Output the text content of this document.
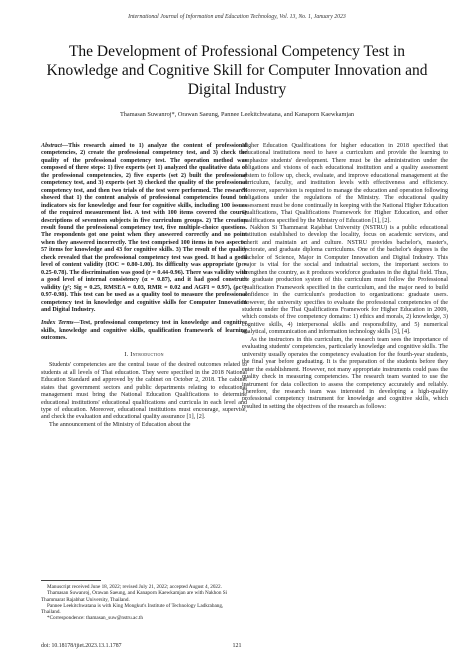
International Journal of Information and Education Technology, Vol. 13, No. 1, January 2023
The Development of Professional Competency Test in Knowledge and Cognitive Skill for Computer Innovation and Digital Industry
Thamasan Suwanroj*, Orawan Saeung, Pannee Leekitchwatana, and Kanaporn Kaewkamjan

Abstract—This research aimed to 1) analyze the content of professional competencies, 2) create the professional competency test, and 3) check the quality of the professional competency test. The operation method was composed of three steps: 1) five experts (set 1) analyzed the qualitative data of the professional competencies, 2) five experts (set 2) built the professional competency test, and 3) experts (set 3) checked the quality of the professional competency test, and then two trials of the test were performed. The research showed that 1) the content analysis of professional competencies found ten indicators six for knowledge and four for cognitive skills, including 100 issues of the required measurement list. A test with 100 items covered the course descriptions of seventeen subjects in five curriculum groups. 2) The creation result found the professional competency test, five multiple-choice questions. The respondents got one point when they answered correctly and no point when they answered incorrectly. The test comprised 100 items in two aspects: 57 items for knowledge and 43 for cognitive skills. 3) The result of the quality check revealed that the professional competency test was good. It had a good level of content validity (IOC = 0.80-1.00). Its difficulty was appropriate (p = 0.25-0.78). The discrimination was good (r = 0.44-0.96). There was validity with a good level of internal consistency (α = 0.87), and it had good construct validity (χ²; Sig = 0.25, RMSEA = 0.03, RMR = 0.02 and AGFI = 0.97), (ρc = 0.97-0.98). This test can be used as a quality tool to measure the professional competency test in knowledge and cognitive skills for Computer Innovation and Digital Industry.

Index Terms—Test, professional competency test in knowledge and cognitive skills, knowledge and cognitive skills, qualification framework of learning outcomes.

I. Introduction

Students' competencies are the central issue of the desired outcomes related to students at all levels of Thai education. They were specified in the 2018 National Education Standard and approved by the cabinet on October 2, 2018. The cabinet states that government sectors and public departments relating to educational management must bring the National Education Qualifications to determine educational institutions' educational qualifications and curricula in each level and type of education. Moreover, educational institutions must encourage, supervise, and check the evaluation and educational quality assurance [1], [2].

The announcement of the Ministry of Education about the

Higher Education Qualifications for higher education in 2018 specified that educational institutions need to have a curriculum and provide the learning to emphasize students' development. There must be the administration under the obligations and visions of each educational institution and a quality assessment system to follow up, check, evaluate, and improve educational management at the curriculum, faculty, and institution levels with effectiveness and efficiency. Moreover, supervision is required to manage the education and operation following obligations under the regulations of the Ministry. The educational quality assessment must be done continually in keeping with the National Higher Education Qualifications, Thai Qualifications Framework for Higher Education, and other qualifications specified by the Ministry of Education [1], [2].

Nakhon Si Thammarat Rajabhat University (NSTRU) is a public educational institution established to develop the locality, focus on academic services, and inherit and maintain art and culture. NSTRU provides bachelor's, master's, doctorate, and graduate diploma curriculums. One of the bachelor's degrees is the Bachelor of Science, Major in Computer Innovation and Digital Industry. This major is vital for the social and industrial sectors, the important sectors to strengthen the country, as it produces workforce graduates in the digital field. Thus, the graduate production system of this curriculum must follow the Professional Qualification Framework specified in the curriculum, and the major need to build confidence in the curriculum's production to organizations: graduate users. However, the university specifies to evaluate the professional competencies of the students under the Thai Qualifications Framework for Higher Education in 2009, which consists of five competency domains: 1) ethics and morals, 2) knowledge, 3) cognitive skills, 4) interpersonal skills and responsibility, and 5) numerical analytical, communication and information technology skills [3], [4].

As the instructors in this curriculum, the research team sees the importance of evaluating students' competencies, particularly knowledge and cognitive skills. The university usually operates the competency evaluation for the fourth-year students, the final year before graduating. It is the preparation of the students before they enter the establishment. However, not many appropriate instruments could pass the quality check in measuring competencies. The research team wanted to use the instrument for data collection to assess the competency accurately and reliably. Therefore, the research team was interested in developing a high-quality professional competency instrument for knowledge and cognitive skills, which resulted in setting the objectives of the research as follows:

Manuscript received June 18, 2022; revised July 21, 2022; accepted August 4, 2022.

Thamasan Suwanroj, Orawan Saeung, and Kanaporn Kaewkamjan are with Nakhon Si Thammarat Rajabhat University, Thailand.

Pannee Leekitchwatana is with King Mongkut's Institute of Technology Ladkrabang, Thailand.

*Correspondence: thamasan_suw@nstru.ac.th

doi: 10.18178/ijiet.2023.13.1.1787	121
